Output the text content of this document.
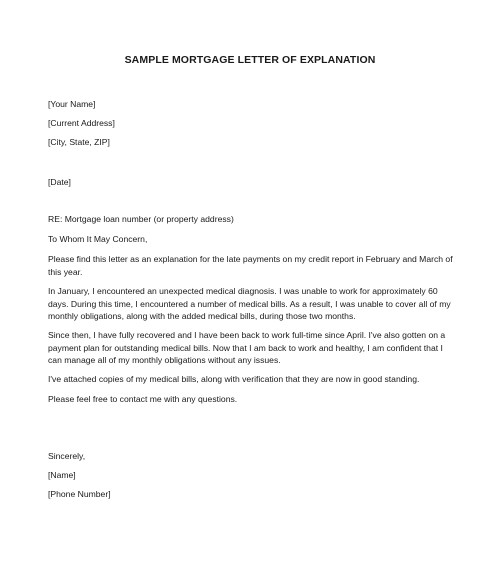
SAMPLE MORTGAGE LETTER OF EXPLANATION
[Your Name]
[Current Address]
[City, State, ZIP]
[Date]
RE: Mortgage loan number (or property address)
To Whom It May Concern,
Please find this letter as an explanation for the late payments on my credit report in February and March of this year.
In January, I encountered an unexpected medical diagnosis. I was unable to work for approximately 60 days. During this time, I encountered a number of medical bills. As a result, I was unable to cover all of my monthly obligations, along with the added medical bills, during those two months.
Since then, I have fully recovered and I have been back to work full-time since April. I've also gotten on a payment plan for outstanding medical bills. Now that I am back to work and healthy, I am confident that I can manage all of my monthly obligations without any issues.
I've attached copies of my medical bills, along with verification that they are now in good standing.
Please feel free to contact me with any questions.
Sincerely,
[Name]
[Phone Number]
